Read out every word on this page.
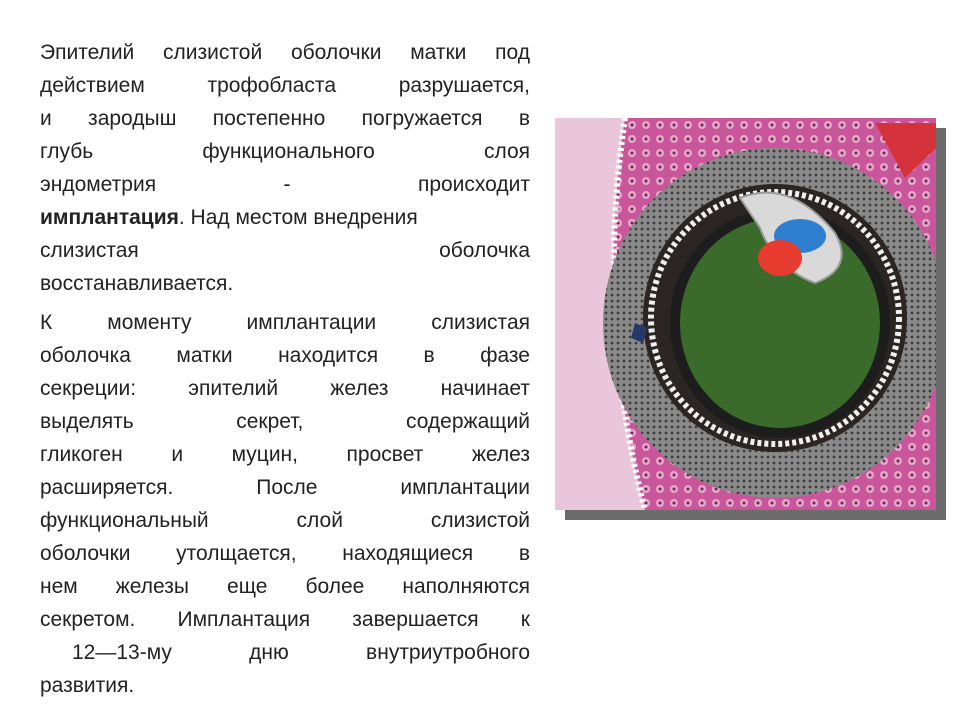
Эпителий слизистой оболочки матки под
действием трофобласта разрушается,
и зародыш постепенно погружается в
глубь функционального слоя
эндометрия - происходит
имплантация. Над местом внедрения
слизистая оболочка
восстанавливается.
К моменту имплантации слизистая
оболочка матки находится в фазе
секреции: эпителий желез начинает
выделять секрет, содержащий
гликоген и муцин, просвет желез
расширяется. После имплантации
функциональный слой слизистой
оболочки утолщается, находящиеся в
нем железы еще более наполняются
секретом. Имплантация завершается к
12—13-му дню внутриутробного
развития.
